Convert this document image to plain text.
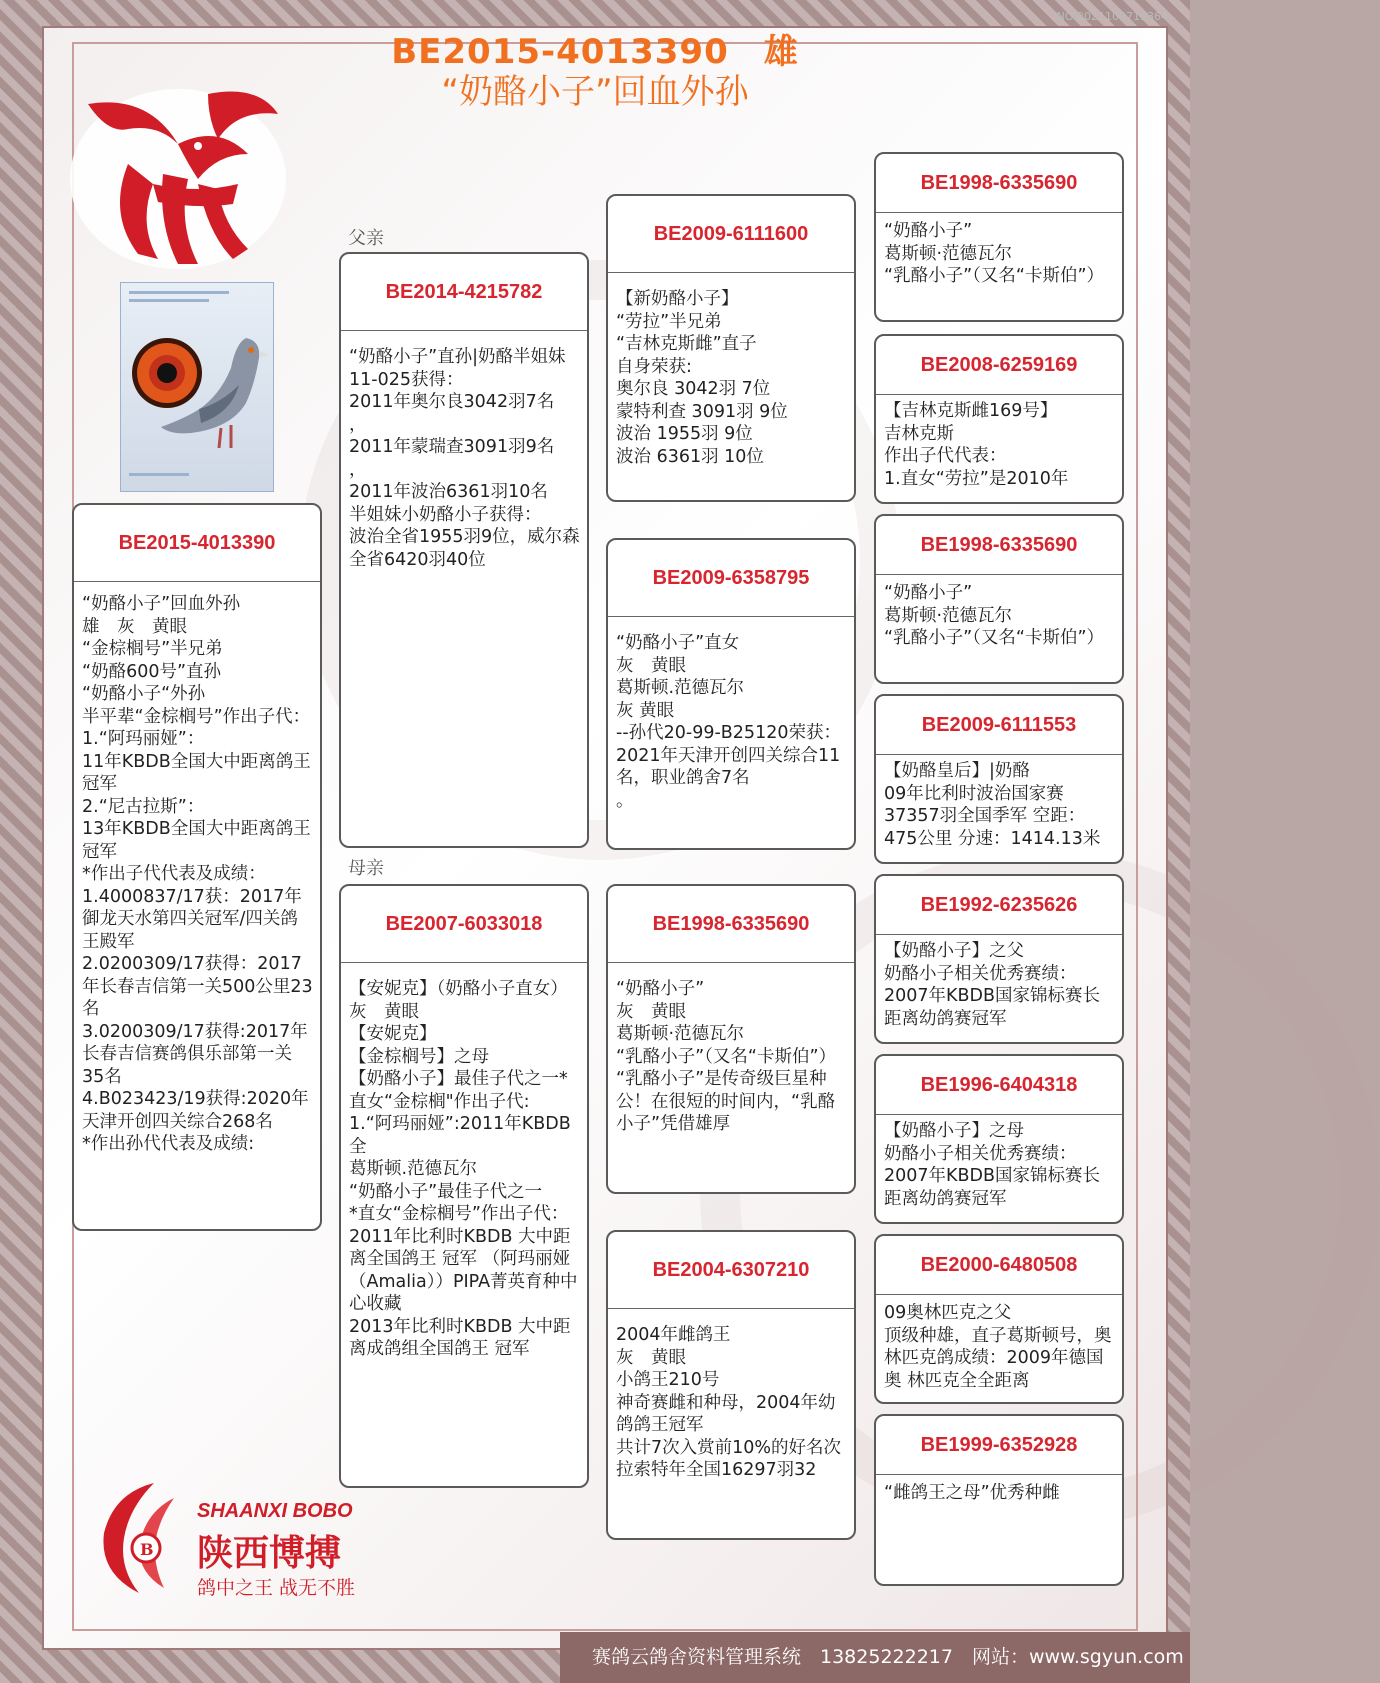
NO:2021100719364
BE2015-4013390　雄
“奶酪小子”回血外孙
父亲
母亲
BE2015-4013390
“奶酪小子”回血外孙
雄　灰　黄眼
“金棕榈号”半兄弟
“奶酪600号”直孙
“奶酪小子“外孙
半平辈“金棕榈号”作出子代：
1.“阿玛丽娅”：
11年KBDB全国大中距离鸽王冠军
2.“尼古拉斯”：
13年KBDB全国大中距离鸽王冠军
*作出子代代表及成绩：
1.4000837/17获：2017年御龙天水第四关冠军/四关鸽王殿军
2.0200309/17获得：2017年长春吉信第一关500公里23名
3.0200309/17获得:2017年长春吉信赛鸽俱乐部第一关35名
4.B023423/19获得:2020年天津开创四关综合268名
*作出孙代代表及成绩:
BE2014-4215782
“奶酪小子”直孙|奶酪半姐妹11-025获得：
2011年奥尔良3042羽7名
，
2011年蒙瑞查3091羽9名
，
2011年波治6361羽10名
半姐妹小奶酪小子获得：
波治全省1955羽9位，威尔森全省6420羽40位
BE2007-6033018
【安妮克】（奶酪小子直女）
灰　黄眼
【安妮克】
【金棕榈号】之母
【奶酪小子】最佳子代之一*直女“金棕榈"作出子代:
1.“阿玛丽娅”:2011年KBDB全
葛斯顿.范德瓦尔
“奶酪小子”最佳子代之一
*直女“金棕榈号”作出子代：
2011年比利时KBDB 大中距离全国鸽王 冠军 （阿玛丽娅 （Amalia））PIPA菁英育种中心收藏
2013年比利时KBDB 大中距离成鸽组全国鸽王 冠军
BE2009-6111600
【新奶酪小子】
“劳拉”半兄弟
“吉林克斯雌”直子
自身荣获:
奥尔良 3042羽 7位
蒙特利查 3091羽 9位
波治 1955羽 9位
波治 6361羽 10位
BE2009-6358795
“奶酪小子”直女
灰　黄眼
葛斯顿.范德瓦尔
灰 黄眼
--孙代20-99-B25120荣获：2021年天津开创四关综合11名，职业鸽舍7名
。
BE1998-6335690
“奶酪小子”
灰　黄眼
葛斯顿·范德瓦尔
“乳酪小子”（又名“卡斯伯”）
“乳酪小子”是传奇级巨星种公！在很短的时间内，“乳酪小子”凭借雄厚
BE2004-6307210
2004年雌鸽王
灰　黄眼
小鸽王210号
神奇赛雌和种母，2004年幼鸽鸽王冠军
共计7次入赏前10%的好名次
拉索特年全国16297羽32
BE1998-6335690
“奶酪小子”
葛斯顿·范德瓦尔
“乳酪小子”（又名“卡斯伯”）
BE2008-6259169
【吉林克斯雌169号】
吉林克斯
作出子代代表：
1.直女“劳拉”是2010年
BE1998-6335690
“奶酪小子”
葛斯顿·范德瓦尔
“乳酪小子”（又名“卡斯伯”）
BE2009-6111553
【奶酪皇后】|奶酪
09年比利时波治国家赛37357羽全国季军 空距：475公里 分速：1414.13米
BE1992-6235626
【奶酪小子】之父
奶酪小子相关优秀赛绩：
2007年KBDB国家锦标赛长距离幼鸽赛冠军
BE1996-6404318
【奶酪小子】之母
奶酪小子相关优秀赛绩：
2007年KBDB国家锦标赛长距离幼鸽赛冠军
BE2000-6480508
09奥林匹克之父
顶级种雄，直子葛斯顿号，奥 林匹克鸽成绩：2009年德国奥 林匹克全全距离
BE1999-6352928
“雌鸽王之母”优秀种雌
B
SHAANXI BOBO
陕西博搏
鸽中之王 战无不胜
赛鸽云鸽舍资料管理系统　13825222217　网站：www.sgyun.com
